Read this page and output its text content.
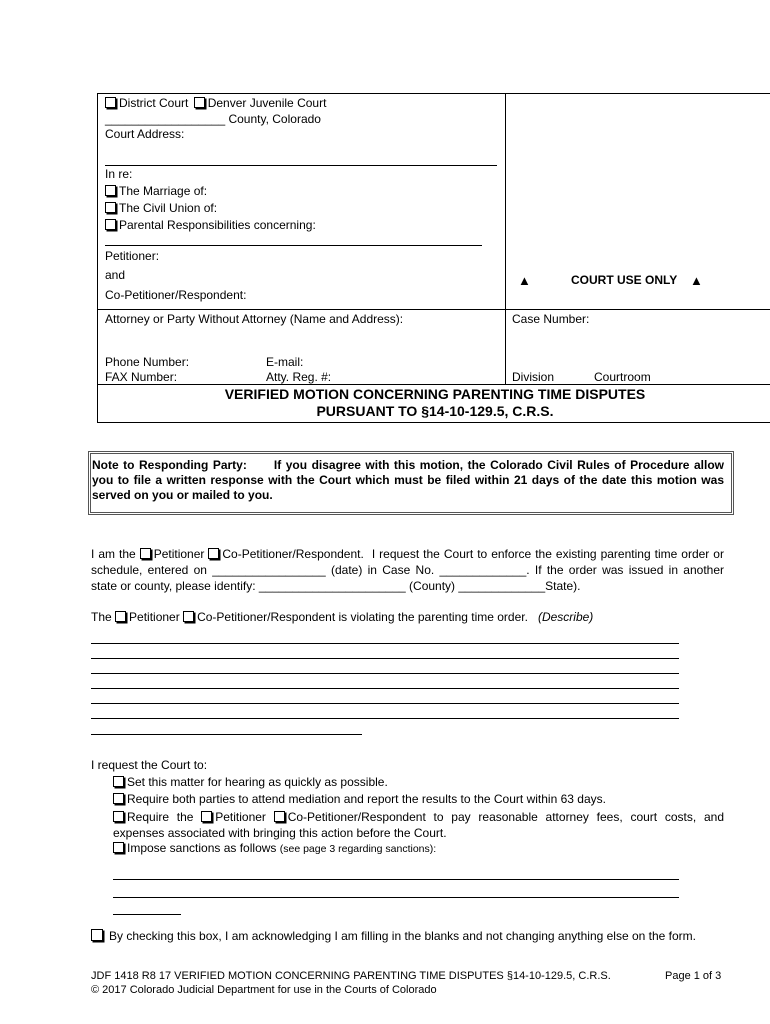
District Court Denver Juvenile Court
__________________ County, Colorado
Court Address:
In re:
The Marriage of:
The Civil Union of:
Parental Responsibilities concerning:
Petitioner:
and
Co-Petitioner/Respondent:
▲	COURT USE ONLY ▲
Attorney or Party Without Attorney (Name and Address):	Case Number:
Phone Number:	E-mail:
FAX Number:	Atty. Reg. #:	Division	Courtroom
VERIFIED MOTION CONCERNING PARENTING TIME DISPUTES
PURSUANT TO §14-10-129.5, C.R.S.
Note to Responding Party: If you disagree with this motion, the Colorado Civil Rules of Procedure allow you to file a written response with the Court which must be filed within 21 days of the date this motion was served on you or mailed to you.
I am the Petitioner Co-Petitioner/Respondent. I request the Court to enforce the existing parenting time order or schedule, entered on _________________ (date) in Case No. _____________. If the order was issued in another state or county, please identify: ______________________ (County) _____________State).
The Petitioner Co-Petitioner/Respondent is violating the parenting time order. (Describe)
I request the Court to:
Set this matter for hearing as quickly as possible.
Require both parties to attend mediation and report the results to the Court within 63 days.
Require the Petitioner Co-Petitioner/Respondent to pay reasonable attorney fees, court costs, and expenses associated with bringing this action before the Court.
Impose sanctions as follows (see page 3 regarding sanctions):
By checking this box, I am acknowledging I am filling in the blanks and not changing anything else on the form.
JDF 1418 R8 17 VERIFIED MOTION CONCERNING PARENTING TIME DISPUTES §14-10-129.5, C.R.S.	Page 1 of 3
© 2017 Colorado Judicial Department for use in the Courts of Colorado
